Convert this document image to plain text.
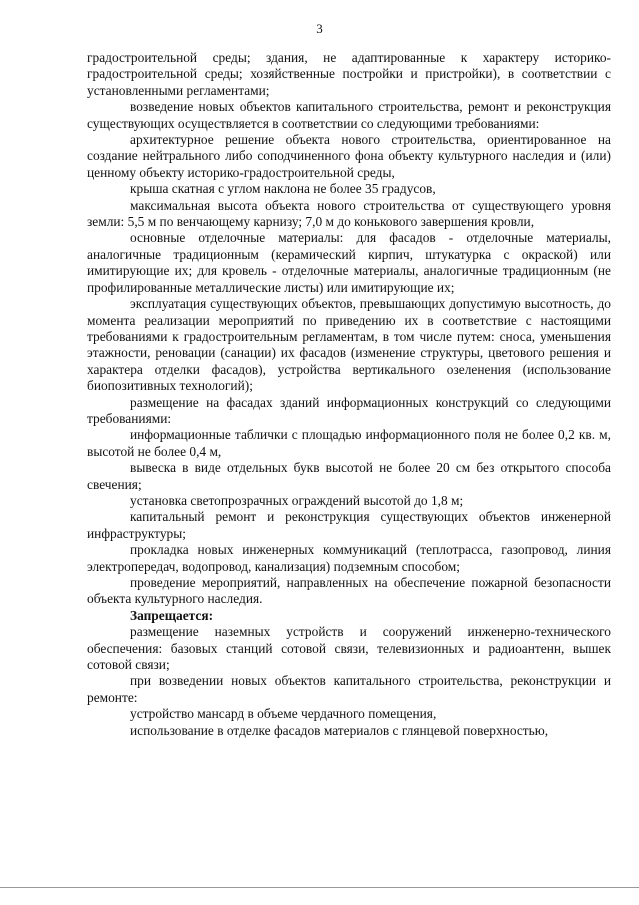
3

градостроительной среды; здания, не адаптированные к характеру историко-градостроительной среды; хозяйственные постройки и пристройки), в соответствии с установленными регламентами;

возведение новых объектов капитального строительства, ремонт и реконструкция существующих осуществляется в соответствии со следующими требованиями:

архитектурное решение объекта нового строительства, ориентированное на создание нейтрального либо соподчиненного фона объекту культурного наследия и (или) ценному объекту историко-градостроительной среды,

крыша скатная с углом наклона не более 35 градусов,

максимальная высота объекта нового строительства от существующего уровня земли: 5,5 м по венчающему карнизу; 7,0 м до конькового завершения кровли,

основные отделочные материалы: для фасадов - отделочные материалы, аналогичные традиционным (керамический кирпич, штукатурка с окраской) или имитирующие их; для кровель - отделочные материалы, аналогичные традиционным (не профилированные металлические листы) или имитирующие их;

эксплуатация существующих объектов, превышающих допустимую высотность, до момента реализации мероприятий по приведению их в соответствие с настоящими требованиями к градостроительным регламентам, в том числе путем: сноса, уменьшения этажности, реновации (санации) их фасадов (изменение структуры, цветового решения и характера отделки фасадов), устройства вертикального озеленения (использование биопозитивных технологий);

размещение на фасадах зданий информационных конструкций со следующими требованиями:

информационные таблички с площадью информационного поля не более 0,2 кв. м, высотой не более 0,4 м,

вывеска в виде отдельных букв высотой не более 20 см без открытого способа свечения;

установка светопрозрачных ограждений высотой до 1,8 м;

капитальный ремонт и реконструкция существующих объектов инженерной инфраструктуры;

прокладка новых инженерных коммуникаций (теплотрасса, газопровод, линия электропередач, водопровод, канализация) подземным способом;

проведение мероприятий, направленных на обеспечение пожарной безопасности объекта культурного наследия.

Запрещается:

размещение наземных устройств и сооружений инженерно-технического обеспечения: базовых станций сотовой связи, телевизионных и радиоантенн, вышек сотовой связи;

при возведении новых объектов капитального строительства, реконструкции и ремонте:

устройство мансард в объеме чердачного помещения,

использование в отделке фасадов материалов с глянцевой поверхностью,
